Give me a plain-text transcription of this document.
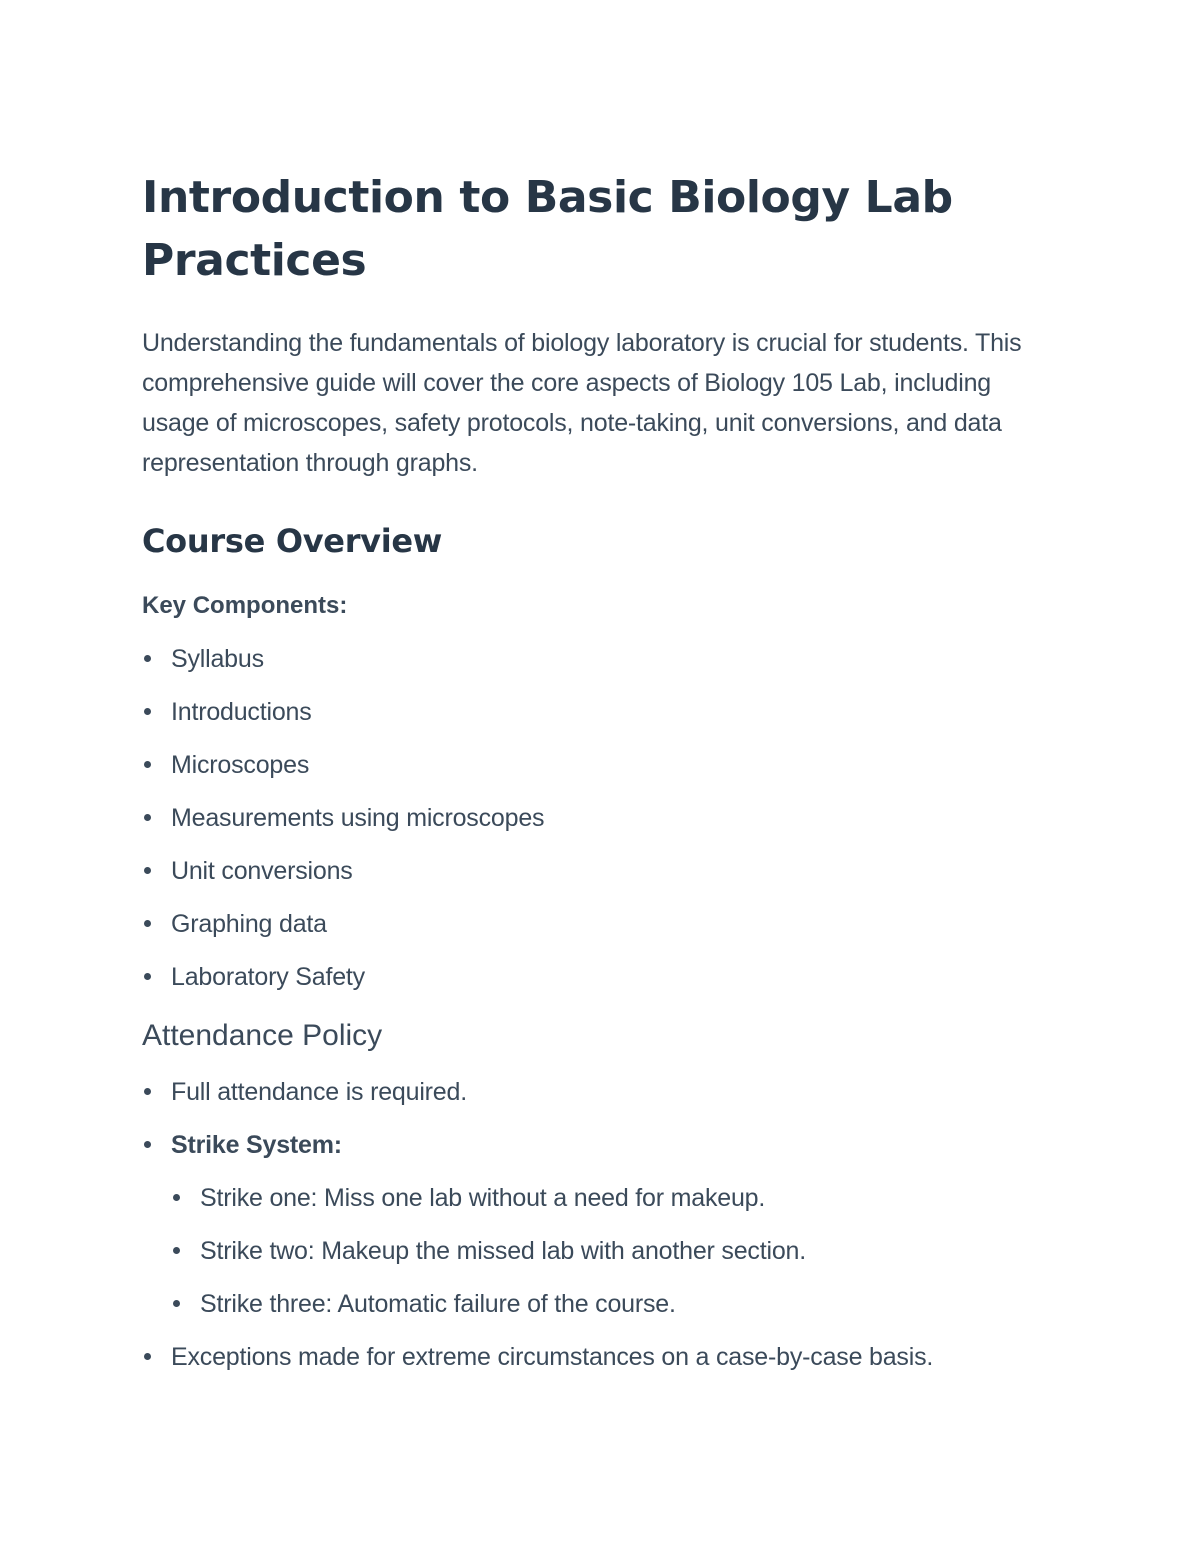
Introduction to Basic Biology Lab Practices

Understanding the fundamentals of biology laboratory is crucial for students. This comprehensive guide will cover the core aspects of Biology 105 Lab, including usage of microscopes, safety protocols, note-taking, unit conversions, and data representation through graphs.

Course Overview
Key Components:
Syllabus
Introductions
Microscopes
Measurements using microscopes
Unit conversions
Graphing data
Laboratory Safety
Attendance Policy
Full attendance is required.
Strike System:
Strike one: Miss one lab without a need for makeup.
Strike two: Makeup the missed lab with another section.
Strike three: Automatic failure of the course.
Exceptions made for extreme circumstances on a case-by-case basis.
